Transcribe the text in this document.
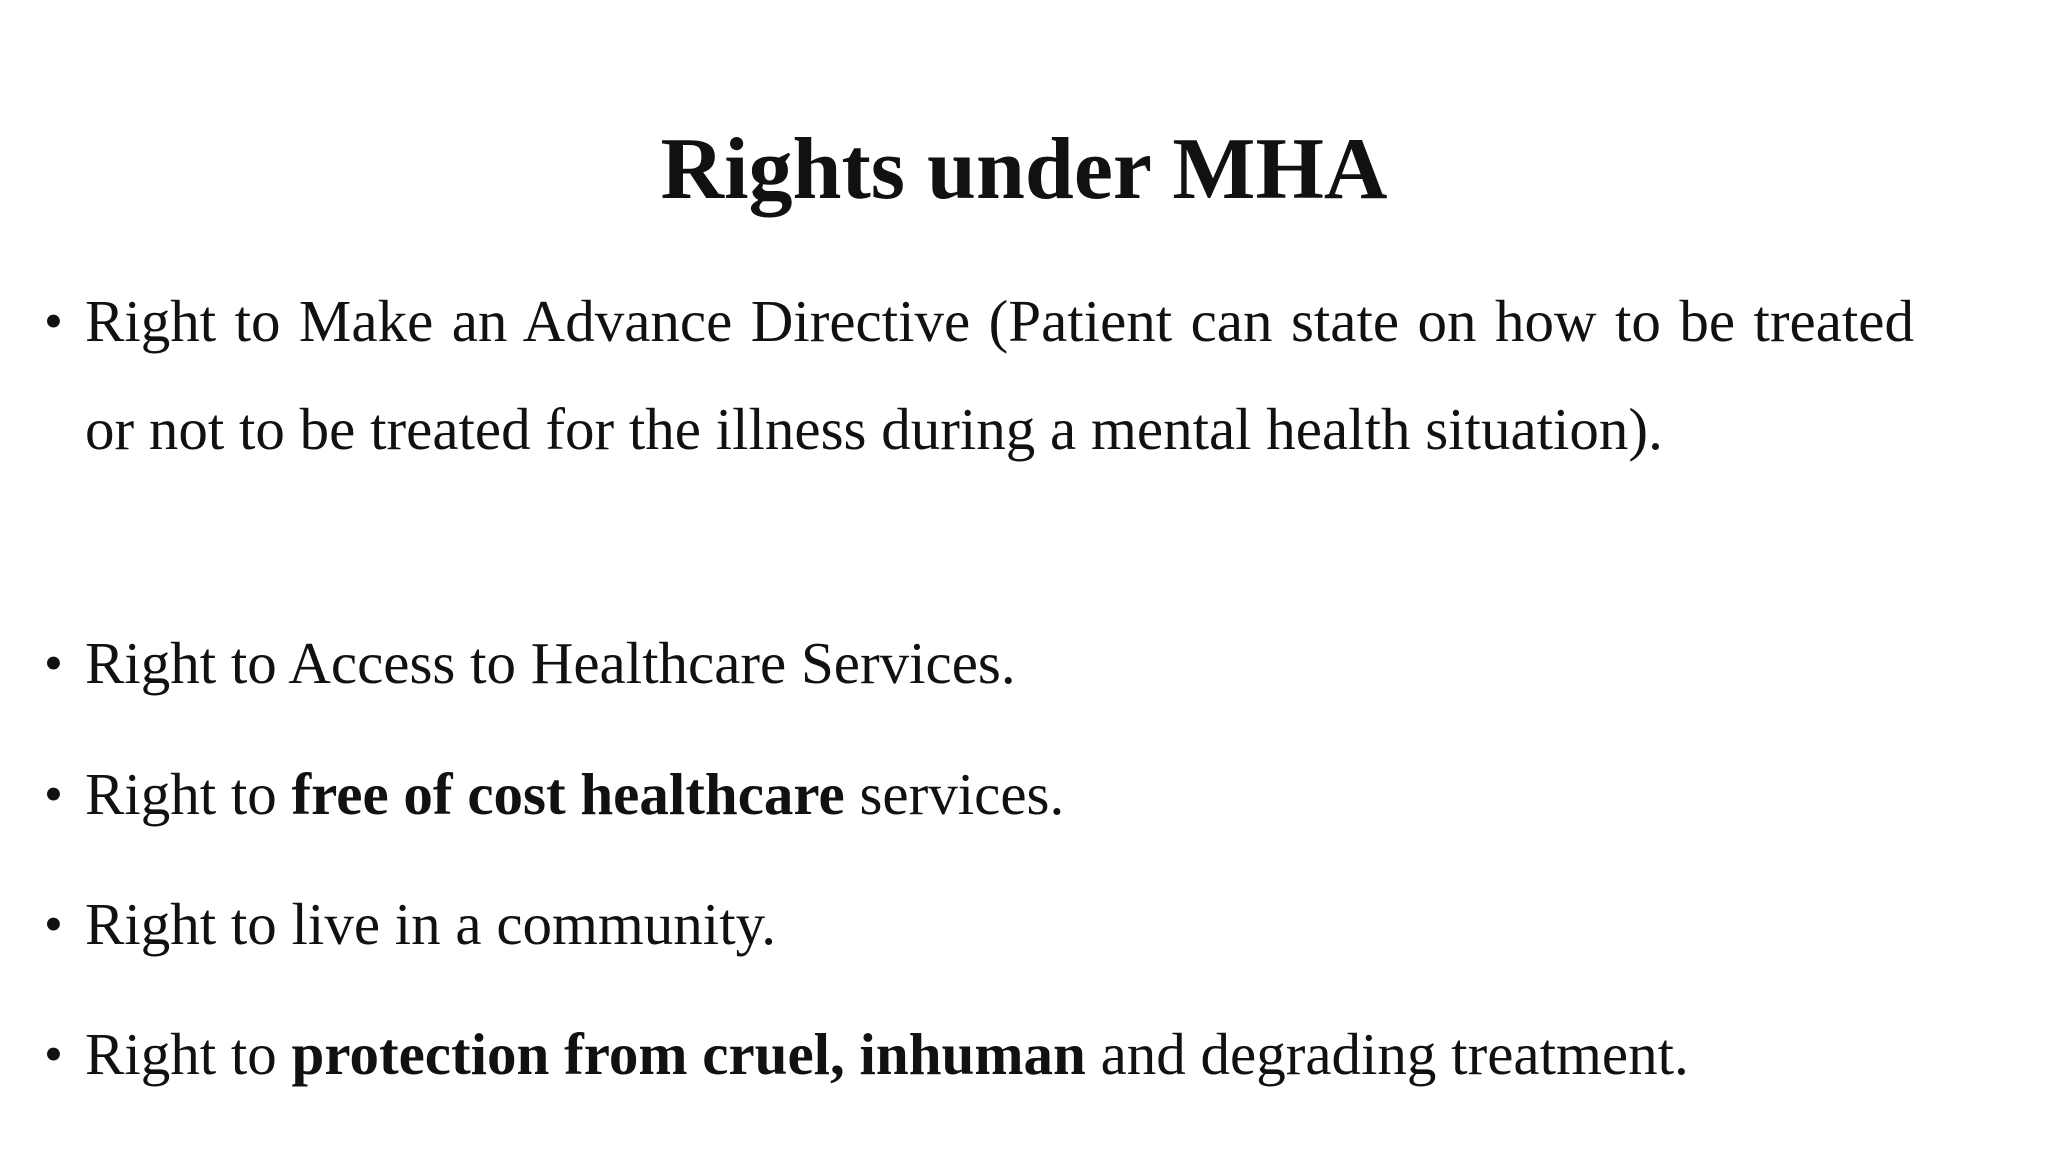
Rights under MHA
• Right to Make an Advance Directive (Patient can state on how to be treated or not to be treated for the illness during a mental health situation).
• Right to Access to Healthcare Services.
• Right to free of cost healthcare services.
• Right to live in a community.
• Right to protection from cruel, inhuman and degrading treatment.
